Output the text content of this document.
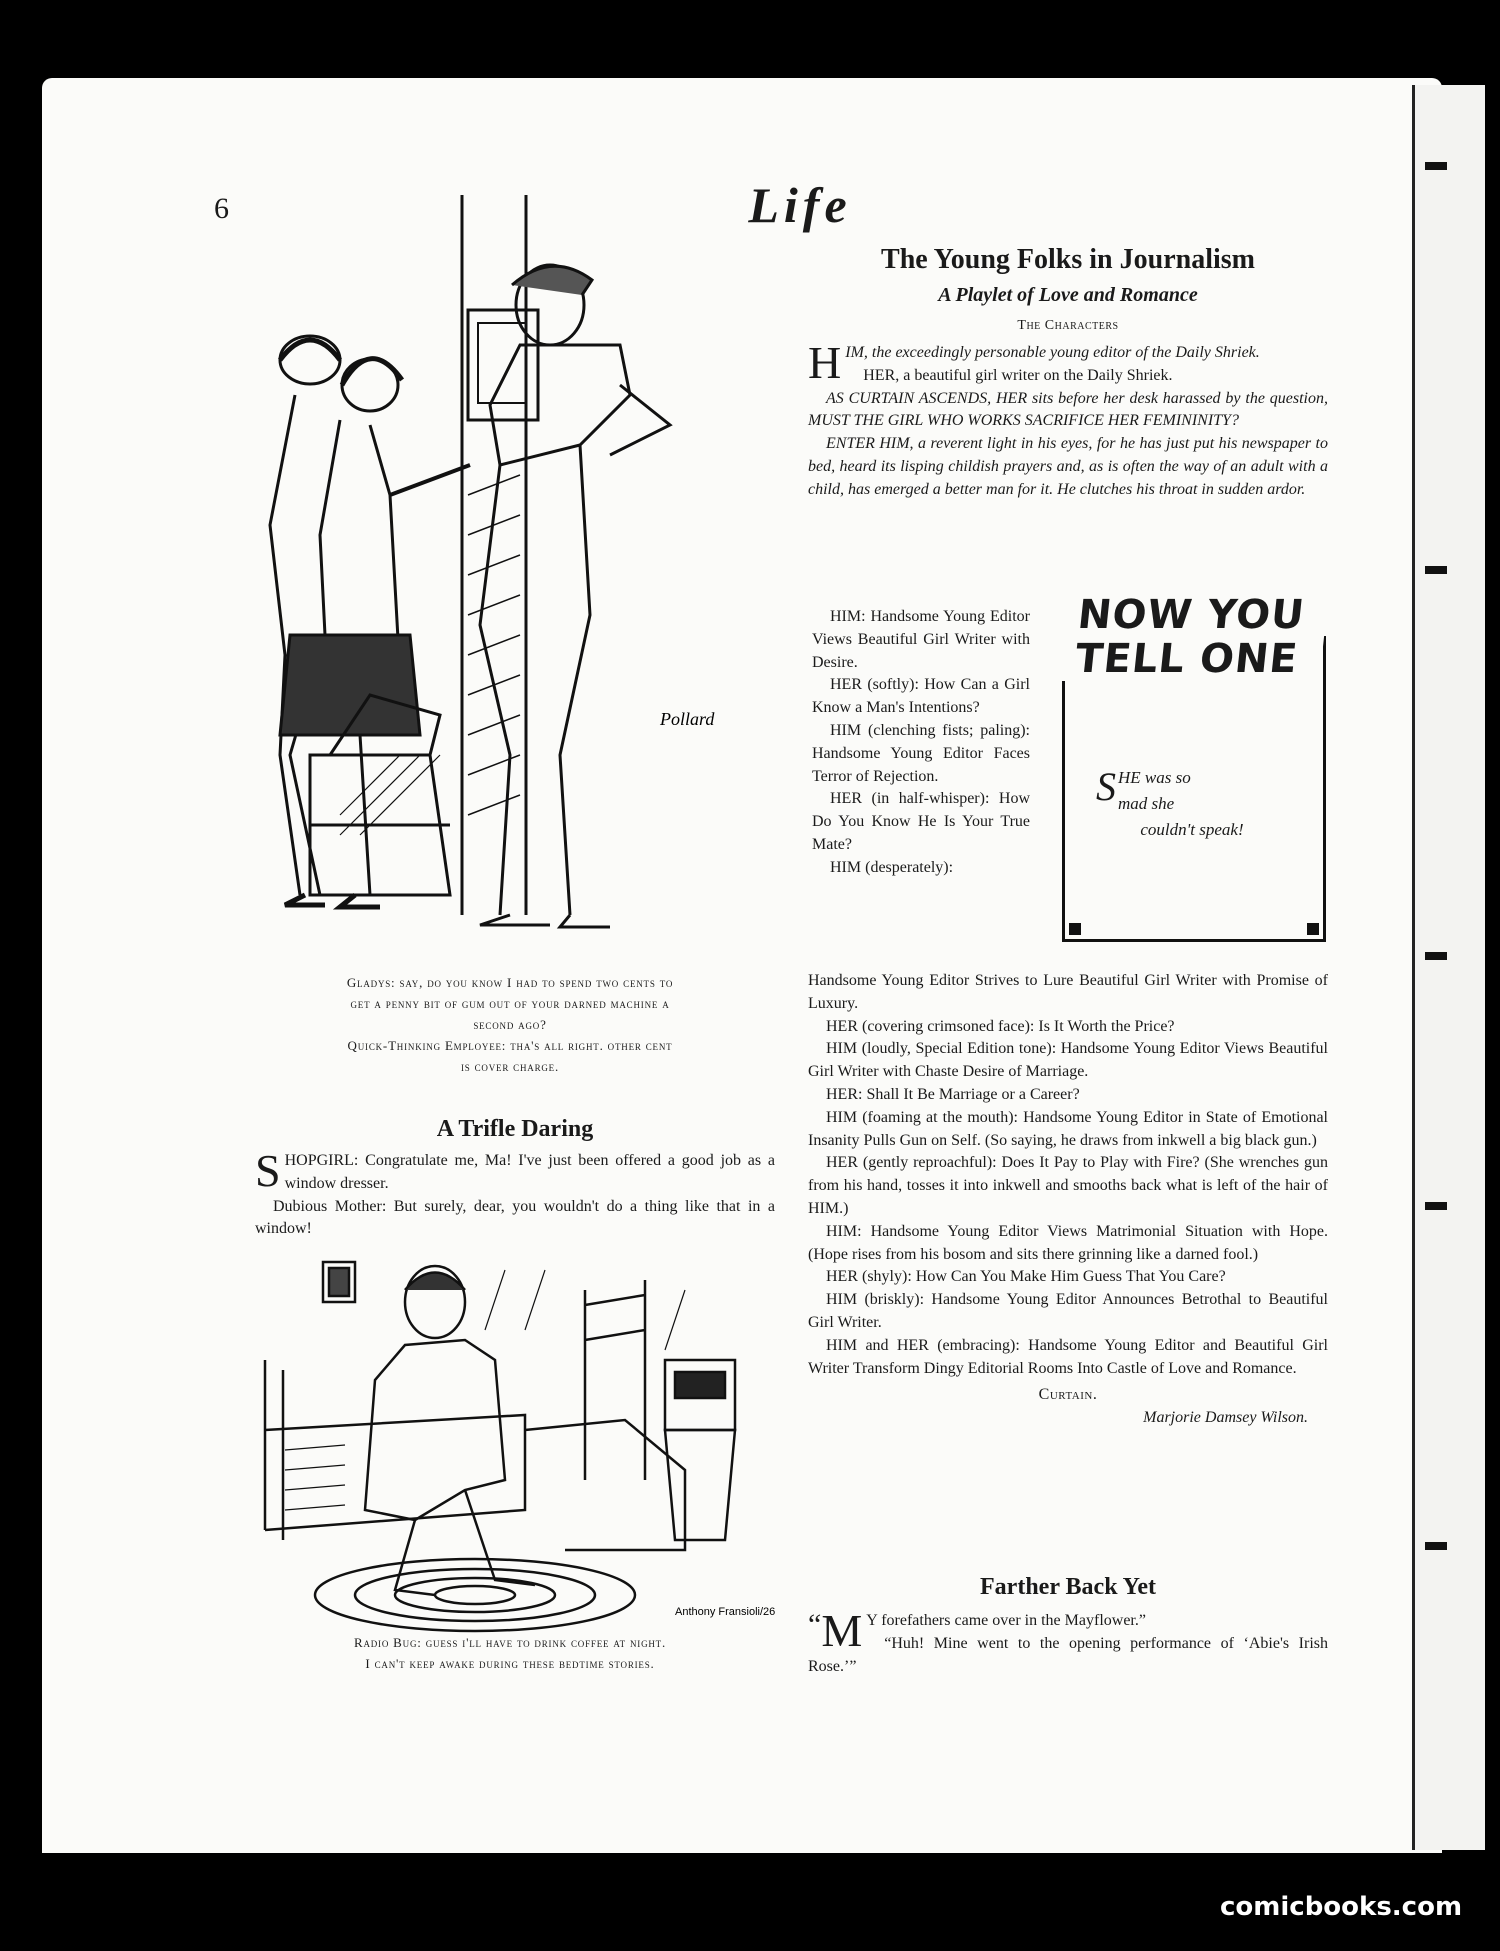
6	Life
Pollard
Gladys: say, do you know I had to spend two cents to
get a penny bit of gum out of your darned machine a
second ago?
Quick-Thinking Employee: tha's all right. other cent
is cover charge.
A Trifle Daring
S HOPGIRL: Congratulate me, Ma! I've just been offered a good job as a window dresser.

Dubious Mother: But surely, dear, you wouldn't do a thing like that in a window!

Anthony Fransioli/26
Radio Bug: guess i'll have to drink coffee at night.
I can't keep awake during these bedtime stories.
The Young Folks in Journalism
A Playlet of Love and Romance
The Characters
H IM, the exceedingly personable young editor of the Daily Shriek.

HER, a beautiful girl writer on the Daily Shriek.

AS CURTAIN ASCENDS, HER sits before her desk harassed by the question, MUST THE GIRL WHO WORKS SACRIFICE HER FEMININITY?

ENTER HIM, a reverent light in his eyes, for he has just put his newspaper to bed, heard its lisping childish prayers and, as is often the way of an adult with a child, has emerged a better man for it. He clutches his throat in sudden ardor.

HIM: Handsome Young Editor Views Beautiful Girl Writer with Desire.

HER (softly): How Can a Girl Know a Man's Intentions?

HIM (clenching fists; paling): Handsome Young Editor Faces Terror of Rejection.

HER (in half-whisper): How Do You Know He Is Your True Mate?

HIM (desperately):

Handsome Young Editor Strives to Lure Beautiful Girl Writer with Promise of Luxury.

HER (covering crimsoned face): Is It Worth the Price?

HIM (loudly, Special Edition tone): Handsome Young Editor Views Beautiful Girl Writer with Chaste Desire of Marriage.

HER: Shall It Be Marriage or a Career?

HIM (foaming at the mouth): Handsome Young Editor in State of Emotional Insanity Pulls Gun on Self. (So saying, he draws from inkwell a big black gun.)

HER (gently reproachful): Does It Pay to Play with Fire? (She wrenches gun from his hand, tosses it into inkwell and smooths back what is left of the hair of HIM.)

HIM: Handsome Young Editor Views Matrimonial Situation with Hope. (Hope rises from his bosom and sits there grinning like a darned fool.)

HER (shyly): How Can You Make Him Guess That You Care?

HIM (briskly): Handsome Young Editor Announces Betrothal to Beautiful Girl Writer.

HIM and HER (embracing): Handsome Young Editor and Beautiful Girl Writer Transform Dingy Editorial Rooms Into Castle of Love and Romance.

Curtain.
Marjorie Damsey Wilson.
NOW YOU
TELL ONE
S HE was so
mad she
couldn't speak!
Farther Back Yet
“ M Y forefathers came over in the Mayflower.”

“Huh! Mine went to the opening performance of ‘Abie's Irish Rose.’”

comicbooks.com
